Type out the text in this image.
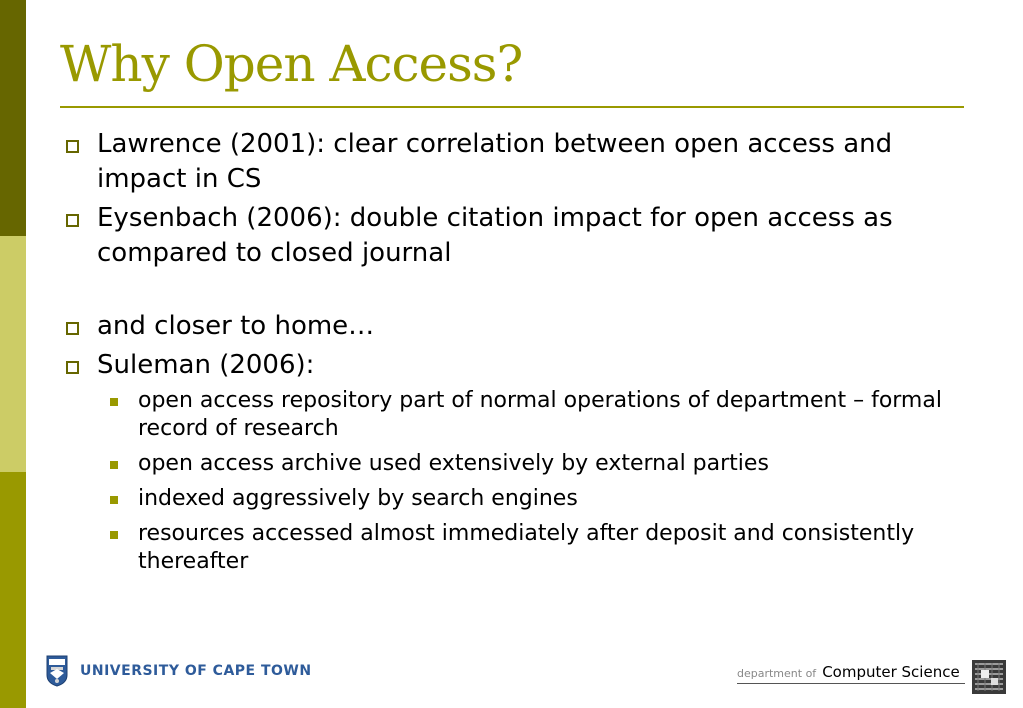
Why Open Access?
Lawrence (2001): clear correlation between open access and impact in CS
Eysenbach (2006): double citation impact for open access as compared to closed journal
and closer to home…
Suleman (2006):
open access repository part of normal operations of department – formal record of research
open access archive used extensively by external parties
indexed aggressively by search engines
resources accessed almost immediately after deposit and consistently thereafter
UNIVERSITY OF CAPE TOWN	department of Computer Science
